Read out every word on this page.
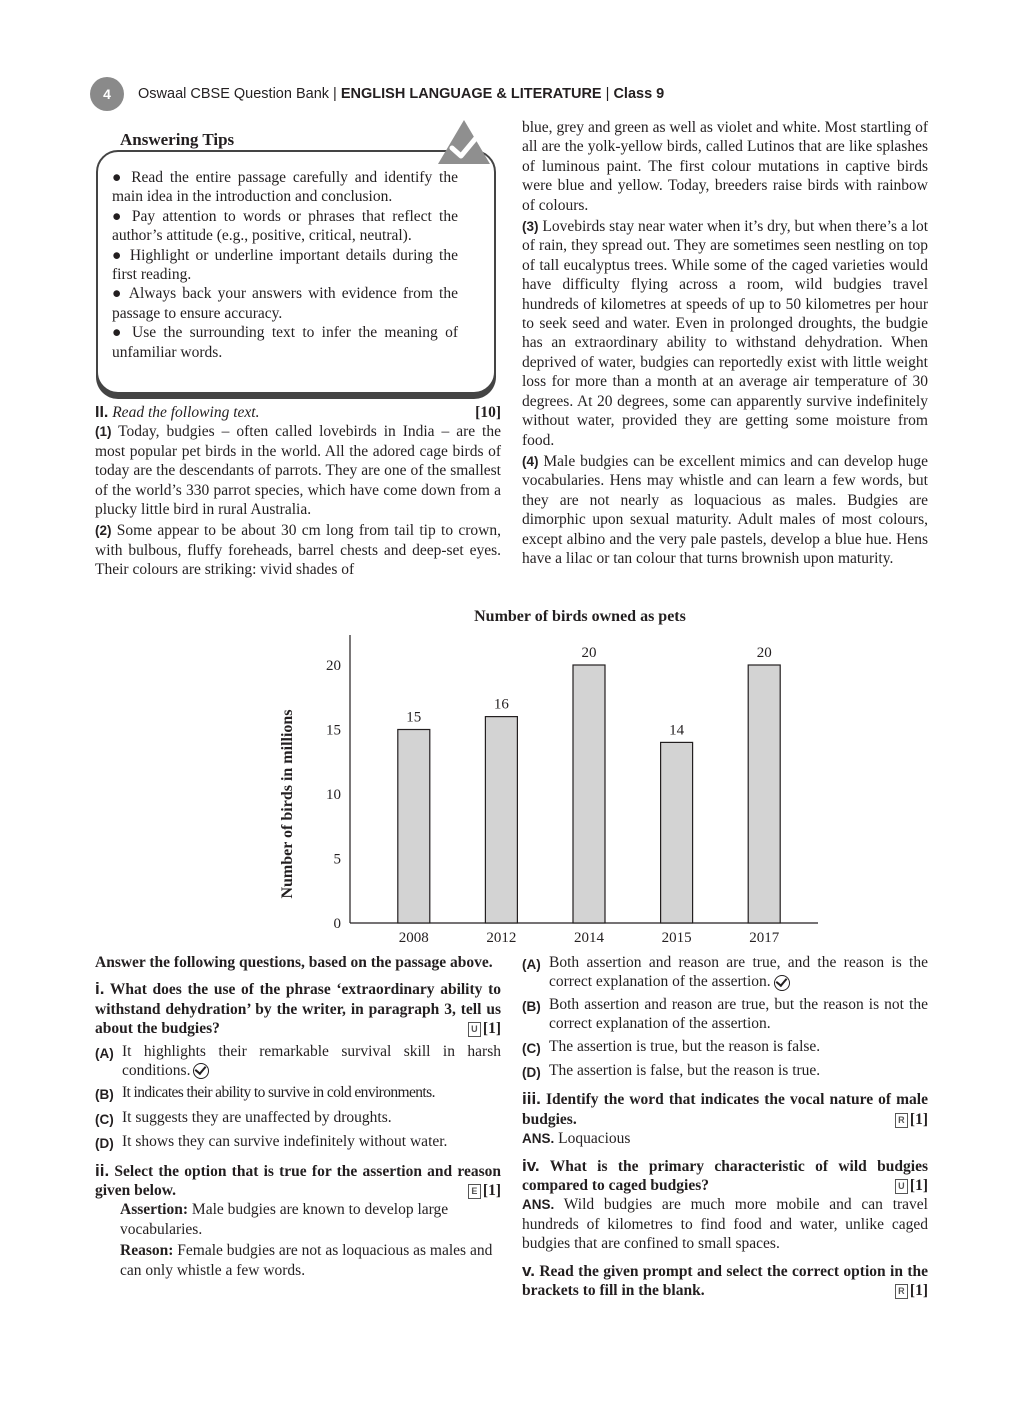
4	Oswaal CBSE Question Bank | ENGLISH LANGUAGE & LITERATURE | Class 9
Answering Tips

● Read the entire passage carefully and identify the main idea in the introduction and conclusion.

● Pay attention to words or phrases that reflect the author’s attitude (e.g., positive, critical, neutral).

● Highlight or underline important details during the first reading.

● Always back your answers with evidence from the passage to ensure accuracy.

● Use the surrounding text to infer the meaning of unfamiliar words.

II. Read the following text.	[10]

(1) Today, budgies – often called lovebirds in India – are the most popular pet birds in the world. All the adored cage birds of today are the descendants of parrots. They are one of the smallest of the world’s 330 parrot species, which have come down from a plucky little bird in rural Australia.

(2) Some appear to be about 30 cm long from tail tip to crown, with bulbous, fluffy foreheads, barrel chests and deep-set eyes. Their colours are striking: vivid shades of

blue, grey and green as well as violet and white. Most startling of all are the yolk-yellow birds, called Lutinos that are like splashes of luminous paint. The first colour mutations in captive birds were blue and yellow. Today, breeders raise birds with rainbow of colours.

(3) Lovebirds stay near water when it’s dry, but when there’s a lot of rain, they spread out. They are sometimes seen nestling on top of tall eucalyptus trees. While some of the caged varieties would have difficulty flying across a room, wild budgies travel hundreds of kilometres at speeds of up to 50 kilometres per hour to seek seed and water. Even in prolonged droughts, the budgie has an extraordinary ability to withstand dehydration. When deprived of water, budgies can reportedly exist with little weight loss for more than a month at an average air temperature of 30 degrees. At 20 degrees, some can apparently survive indefinitely without water, provided they are getting some moisture from food.

(4) Male budgies can be excellent mimics and can develop huge vocabularies. Hens may whistle and can learn a few words, but they are not nearly as loquacious as males. Budgies are dimorphic upon sexual maturity. Adult males of most colours, except albino and the very pale pastels, develop a blue hue. Hens have a lilac or tan colour that turns brownish upon maturity.

Number of birds owned as pets
0
5
10
15
20
Number of birds in millions	15
2008
16
2012
20
2014
14
2015
20
2017
Answer the following questions, based on the passage above.
i. What does the use of the phrase ‘extraordinary ability to withstand dehydration’ by the writer, in paragraph 3, tell us about the budgies?	U [1]
(A) It highlights their remarkable survival skill in harsh conditions.
(B) It indicates their ability to survive in cold environments.
(C) It suggests they are unaffected by droughts.
(D) It shows they can survive indefinitely without water.
ii. Select the option that is true for the assertion and reason given below.	E [1]
Assertion: Male budgies are known to develop large vocabularies.
Reason: Female budgies are not as loquacious as males and can only whistle a few words.
(A) Both assertion and reason are true, and the reason is the correct explanation of the assertion.
(B) Both assertion and reason are true, but the reason is not the correct explanation of the assertion.
(C) The assertion is true, but the reason is false.
(D) The assertion is false, but the reason is true.
iii. Identify the word that indicates the vocal nature of male budgies.	R [1]
ANS. Loquacious
iv. What is the primary characteristic of wild budgies compared to caged budgies?	U [1]
ANS. Wild budgies are much more mobile and can travel hundreds of kilometres to find food and water, unlike caged budgies that are confined to small spaces.
v. Read the given prompt and select the correct option in the brackets to fill in the blank.	R [1]
